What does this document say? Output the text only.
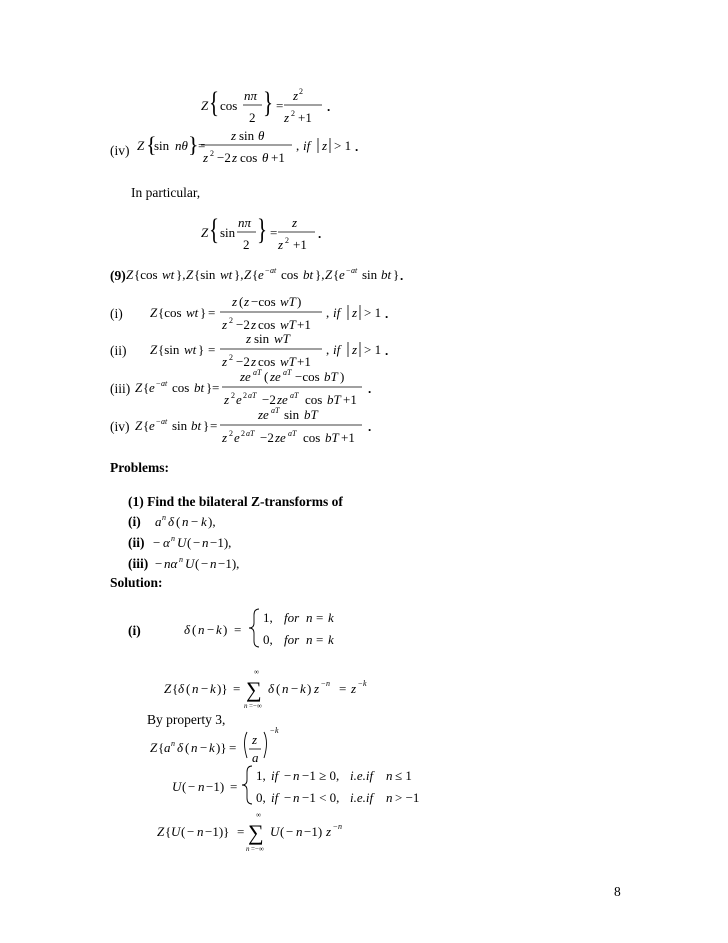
(iv)
In particular,
(9)
(i)
(ii)
(iii)
(iv)
Problems:
(1) Find the bilateral Z-transforms of
(i)
(ii)
(iii)
Solution:
(i)
By property 3,
8
Z { cos
nπ
2 } =
z 2
z 2 +1
.
Z {
sin nθ } =
z sin θ
z 2 −2 z cos θ +1
, if z > 1 .
Z { sin
nπ
2 } =
z
z 2 +1
.
Z {cos wt }, Z {sin wt }, Z { e − at cos bt }, Z { e − at sin bt } .
Z {cos wt } =
z ( z −cos wT )
z 2 −2 z cos wT +1
, if z > 1 .
Z {sin wt } =
z sin wT
z 2 −2 z cos wT +1
, if z > 1 .
Z { e − at cos bt } =
ze aT ( ze aT −cos bT )
z 2 e 2 aT −2 ze aT cos bT +1
.
Z { e − at sin bt } =
ze aT sin bT
z 2 e 2 aT −2 ze aT cos bT +1
.
a n δ ( n − k ),
− α n U ( − n −1),
− nα n U ( − n −1),
δ ( n − k ) =
1, for n = k
0, for n = k
Z { δ ( n − k )} =
∞
∑
n =−∞
δ ( n − k ) z − n = z − k
Z { a n δ ( n − k )} =
z
a
− k
U ( − n −1) =
1, if − n −1 ≥ 0, i.e.if n ≤ 1
0, if − n −1 < 0, i.e.if n > −1
Z { U ( − n −1)} =
∞
∑
n =−∞
U ( − n −1) z − n
